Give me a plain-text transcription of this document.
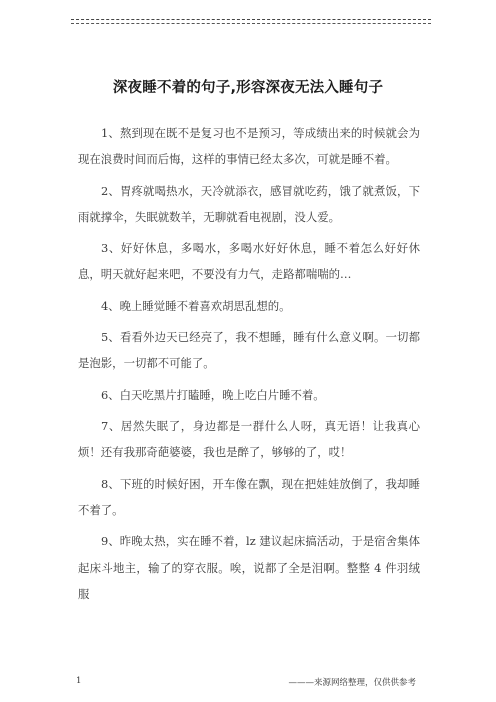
深夜睡不着的句子,形容深夜无法入睡句子

1、熬到现在既不是复习也不是预习，等成绩出来的时候就会为现在浪费时间而后悔，这样的事情已经太多次，可就是睡不着。

2、胃疼就喝热水，天冷就添衣，感冒就吃药，饿了就煮饭，下雨就撑伞，失眠就数羊，无聊就看电视剧，没人爱。

3、好好休息，多喝水，多喝水好好休息，睡不着怎么好好休息，明天就好起来吧，不要没有力气，走路都喘喘的…

4、晚上睡觉睡不着喜欢胡思乱想的。

5、看看外边天已经亮了，我不想睡，睡有什么意义啊。一切都是泡影，一切都不可能了。

6、白天吃黑片打瞌睡，晚上吃白片睡不着。

7、居然失眠了，身边都是一群什么人呀，真无语！让我真心烦！还有我那奇葩婆婆，我也是醉了，够够的了，哎！

8、下班的时候好困，开车像在飘，现在把娃娃放倒了，我却睡不着了。

9、昨晚太热，实在睡不着，lz 建议起床搞活动，于是宿舍集体起床斗地主，输了的穿衣服。唉，说都了全是泪啊。整整 4 件羽绒服

1	———来源网络整理，仅供供参考
